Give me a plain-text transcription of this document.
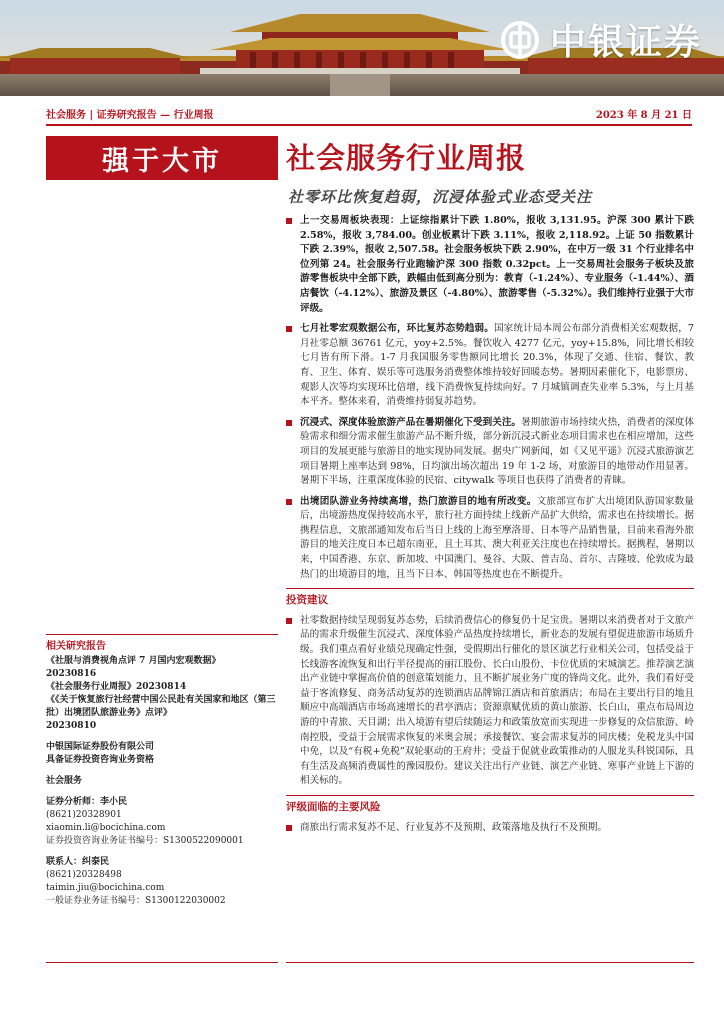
中银证券
社会服务 | 证券研究报告 — 行业周报	2023 年 8 月 21 日
强于大市	社会服务行业周报
社零环比恢复趋弱，沉浸体验式业态受关注
上一交易周板块表现：上证综指累计下跌 1.80%，报收 3,131.95。沪深 300 累计下跌 2.58%，报收 3,784.00。创业板累计下跌 3.11%，报收 2,118.92。上证 50 指数累计下跌 2.39%，报收 2,507.58。社会服务板块下跌 2.90%，在中万一级 31 个行业排名中位列第 24。社会服务行业跑输沪深 300 指数 0.32pct。上一交易周社会服务子板块及旅游零售板块中全部下跌，跌幅由低到高分别为：教育（-1.24%）、专业服务（-1.44%）、酒店餐饮（-4.12%）、旅游及景区（-4.80%）、旅游零售（-5.32%）。我们维持行业强于大市评级。
七月社零宏观数据公布，环比复苏态势趋弱。国家统计局本周公布部分消费相关宏观数据，7 月社零总额 36761 亿元，yoy+2.5%。餐饮收入 4277 亿元，yoy+15.8%，同比增长相较七月皆有所下滑。1-7 月我国服务零售额同比增长 20.3%，体现了交通、住宿、餐饮、教育、卫生、体育、娱乐等可选服务消费整体维持较好回暖态势。暑期因素催化下，电影票房、观影人次等均实现环比倍增，线下消费恢复持续向好。7 月城镇调查失业率 5.3%，与上月基本平齐。整体来看，消费维持弱复苏趋势。
沉浸式、深度体验旅游产品在暑期催化下受到关注。暑期旅游市场持续火热，消费者的深度体验需求和细分需求催生旅游产品不断升级，部分新沉浸式新业态项目需求也在相应增加，这些项目的发展更能与旅游目的地实现协同发展。据央广网新闻，如《又见平遥》沉浸式旅游演艺项目暑期上座率达到 98%，日均演出场次超出 19 年 1-2 场，对旅游目的地带动作用显著。暑期下半场，注重深度体验的民宿、citywalk 等项目也获得了消费者的青睐。
出境团队游业务持续高增，热门旅游目的地有所改变。文旅部宣布扩大出境团队游国家数量后，出境游热度保持较高水平，旅行社方面持续上线新产品扩大供给，需求也在持续增长。据携程信息，文旅部通知发布后当日上线的上海至摩洛哥、日本等产品销售量，目前来看海外旅游目的地关注度日本已超东南亚，且土耳其、澳大利亚关注度也在持续增长。据携程，暑期以来，中国香港、东京、新加坡、中国澳门、曼谷、大阪、普吉岛、首尔、吉隆坡、伦敦成为最热门的出境游目的地，且当下日本、韩国等热度也在不断提升。
投资建议
社零数据持续呈现弱复苏态势，后续消费信心的修复仍十足宝贵。暑期以来消费者对于文旅产品的需求升级催生沉浸式、深度体验产品热度持续增长，新业态的发展有望促进旅游市场质升级。我们重点看好业绩兑现确定性强，受假期出行催化的景区演艺行业相关公司，包括受益于长线游客流恢复和出行半径提高的丽江股份、长白山股份、卡位优质的宋城演艺。推荐演艺演出产业链中掌握高价值的创意策划能力、且不断扩展业务广度的锋尚文化。此外，我们看好受益于客流修复、商务活动复苏的连锁酒店品牌锦江酒店和首旅酒店；布局在主要出行目的地且顺应中高端酒店市场高速增长的君亭酒店；资源禀赋优质的黄山旅游、长白山，重点布局周边游的中青旅、天目湖；出入境游有望后续随运力和政策放宽而实现进一步修复的众信旅游、岭南控股，受益于会展需求恢复的米奥会展；承接餐饮、宴会需求复苏的同庆楼；免税龙头中国中免，以及“有税+免税”双轮驱动的王府井；受益于促就业政策推动的人服龙头科锐国际，具有生活及高频消费属性的豫园股份。建议关注出行产业链、演艺产业链、寒事产业链上下游的相关标的。
评级面临的主要风险
商旅出行需求复苏不足、行业复苏不及预期、政策落地及执行不及预期。
相关研究报告
《社服与消费视角点评 7 月国内宏观数据》
20230816
《社会服务行业周报》20230814
《《关于恢复旅行社经营中国公民赴有关国家和地区（第三批）出境团队旅游业务》点评》
20230810
中银国际证券股份有限公司
具备证券投资咨询业务资格
社会服务
证券分析师：李小民
(8621)20328901
xiaomin.li@bocichina.com
证券投资咨询业务证书编号：S1300522090001
联系人：纠泰民
(8621)20328498
taimin.jiu@bocichina.com
一般证券业务证书编号：S1300122030002
